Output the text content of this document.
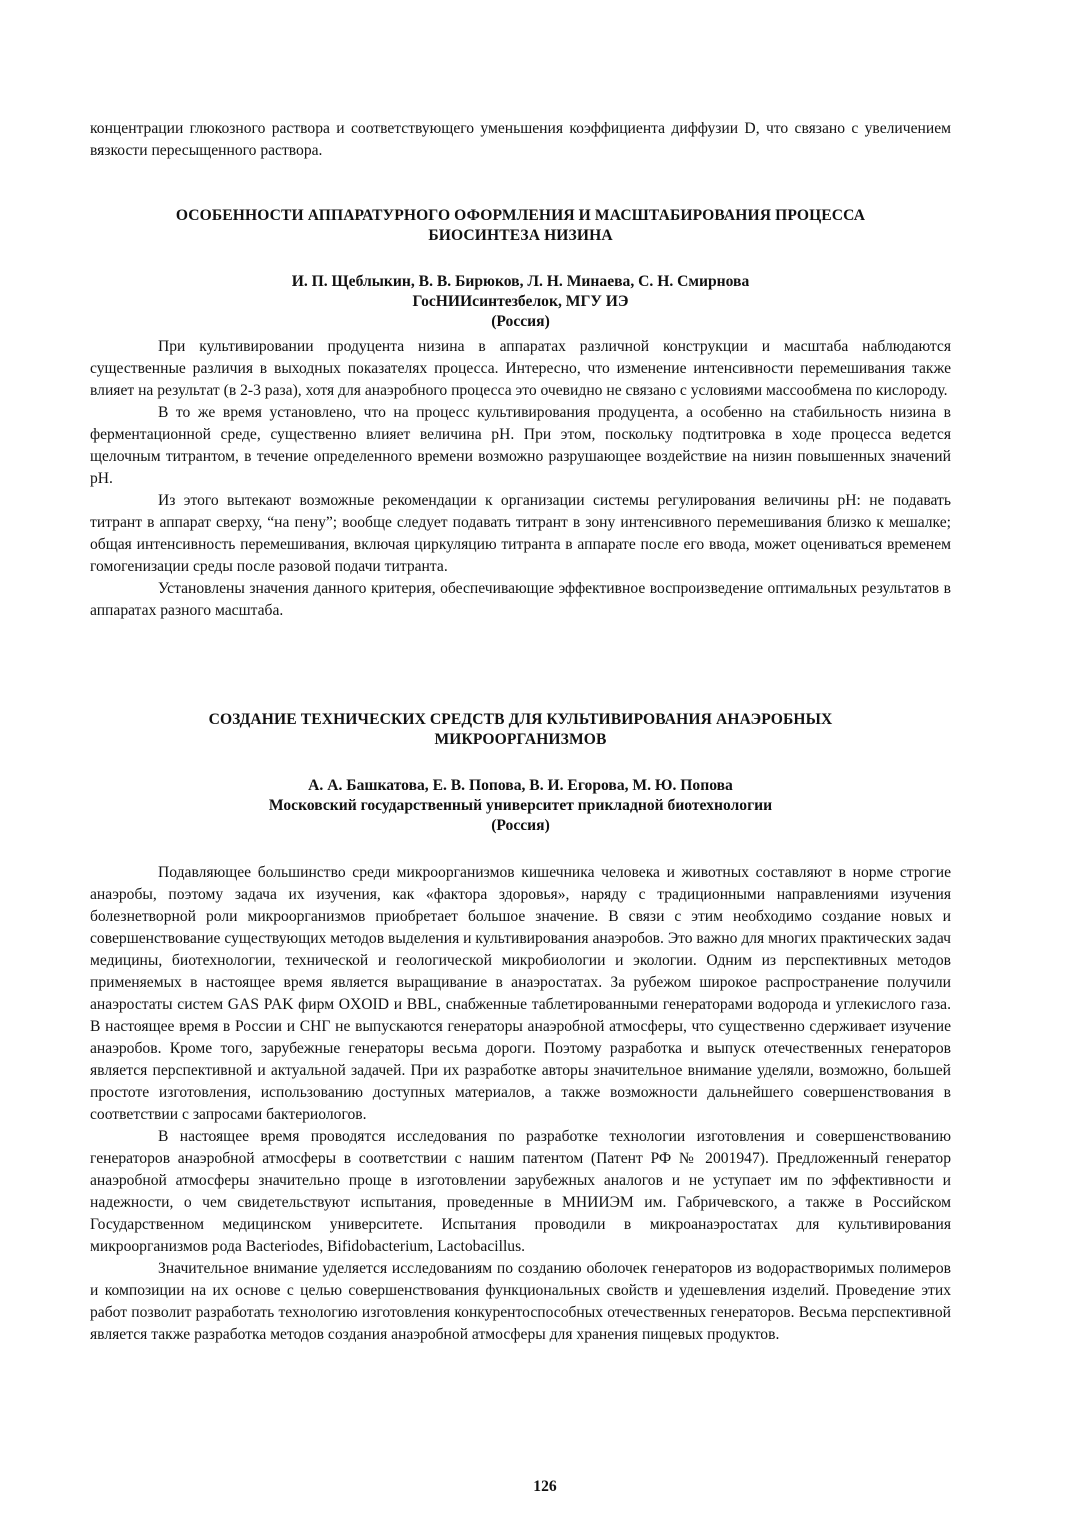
концентрации глюкозного раствора и соответствующего уменьшения коэффициента диффузии D, что связано с увеличением вязкости пересыщенного раствора.

ОСОБЕННОСТИ АППАРАТУРНОГО ОФОРМЛЕНИЯ И МАСШТАБИРОВАНИЯ ПРОЦЕССА

БИОСИНТЕЗА НИЗИНА

И. П. Щеблыкин, В. В. Бирюков, Л. Н. Минаева, С. Н. Смирнова

ГосНИИсинтезбелок, МГУ ИЭ

(Россия)

При культивировании продуцента низина в аппаратах различной конструкции и масштаба наблюдаются существенные различия в выходных показателях процесса. Интересно, что изменение интенсивности перемешивания также влияет на результат (в 2-3 раза), хотя для анаэробного процесса это очевидно не связано с условиями массообмена по кислороду.

В то же время установлено, что на процесс культивирования продуцента, а особенно на стабильность низина в ферментационной среде, существенно влияет величина pH. При этом, поскольку подтитровка в ходе процесса ведется щелочным титрантом, в течение определенного времени возможно разрушающее воздействие на низин повышенных значений pH.

Из этого вытекают возможные рекомендации к организации системы регулирования величины pH: не подавать титрант в аппарат сверху, “на пену”; вообще следует подавать титрант в зону интенсивного перемешивания близко к мешалке; общая интенсивность перемешивания, включая циркуляцию титранта в аппарате после его ввода, может оцениваться временем гомогенизации среды после разовой подачи титранта.

Установлены значения данного критерия, обеспечивающие эффективное воспроизведение оптимальных результатов в аппаратах разного масштаба.

СОЗДАНИЕ ТЕХНИЧЕСКИХ СРЕДСТВ ДЛЯ КУЛЬТИВИРОВАНИЯ АНАЭРОБНЫХ

МИКРООРГАНИЗМОВ

А. А. Башкатова, Е. В. Попова, В. И. Егорова, М. Ю. Попова

Московский государственный университет прикладной биотехнологии

(Россия)

Подавляющее большинство среди микроорганизмов кишечника человека и животных составляют в норме строгие анаэробы, поэтому задача их изучения, как «фактора здоровья», наряду с традиционными направлениями изучения болезнетворной роли микроорганизмов приобретает большое значение. В связи с этим необходимо создание новых и совершенствование существующих методов выделения и культивирования анаэробов. Это важно для многих практических задач медицины, биотехнологии, технической и геологической микробиологии и экологии. Одним из перспективных методов применяемых в настоящее время является выращивание в анаэростатах. За рубежом широкое распространение получили анаэростаты систем GAS PAK фирм OXOID и BBL, снабженные таблетированными генераторами водорода и углекислого газа. В настоящее время в России и СНГ не выпускаются генераторы анаэробной атмосферы, что существенно сдерживает изучение анаэробов. Кроме того, зарубежные генераторы весьма дороги. Поэтому разработка и выпуск отечественных генераторов является перспективной и актуальной задачей. При их разработке авторы значительное внимание уделяли, возможно, большей простоте изготовления, использованию доступных материалов, а также возможности дальнейшего совершенствования в соответствии с запросами бактериологов.

В настоящее время проводятся исследования по разработке технологии изготовления и совершенствованию генераторов анаэробной атмосферы в соответствии с нашим патентом (Патент РФ № 2001947). Предложенный генератор анаэробной атмосферы значительно проще в изготовлении зарубежных аналогов и не уступает им по эффективности и надежности, о чем свидетельствуют испытания, проведенные в МНИИЭМ им. Габричевского, а также в Российском Государственном медицинском университете. Испытания проводили в микроанаэростатах для культивирования микроорганизмов рода Bacteriodes, Bifidobacterium, Lactobacillus.

Значительное внимание уделяется исследованиям по созданию оболочек генераторов из водорастворимых полимеров и композиции на их основе с целью совершенствования функциональных свойств и удешевления изделий. Проведение этих работ позволит разработать технологию изготовления конкурентоспособных отечественных генераторов. Весьма перспективной является также разработка методов создания анаэробной атмосферы для хранения пищевых продуктов.

126
